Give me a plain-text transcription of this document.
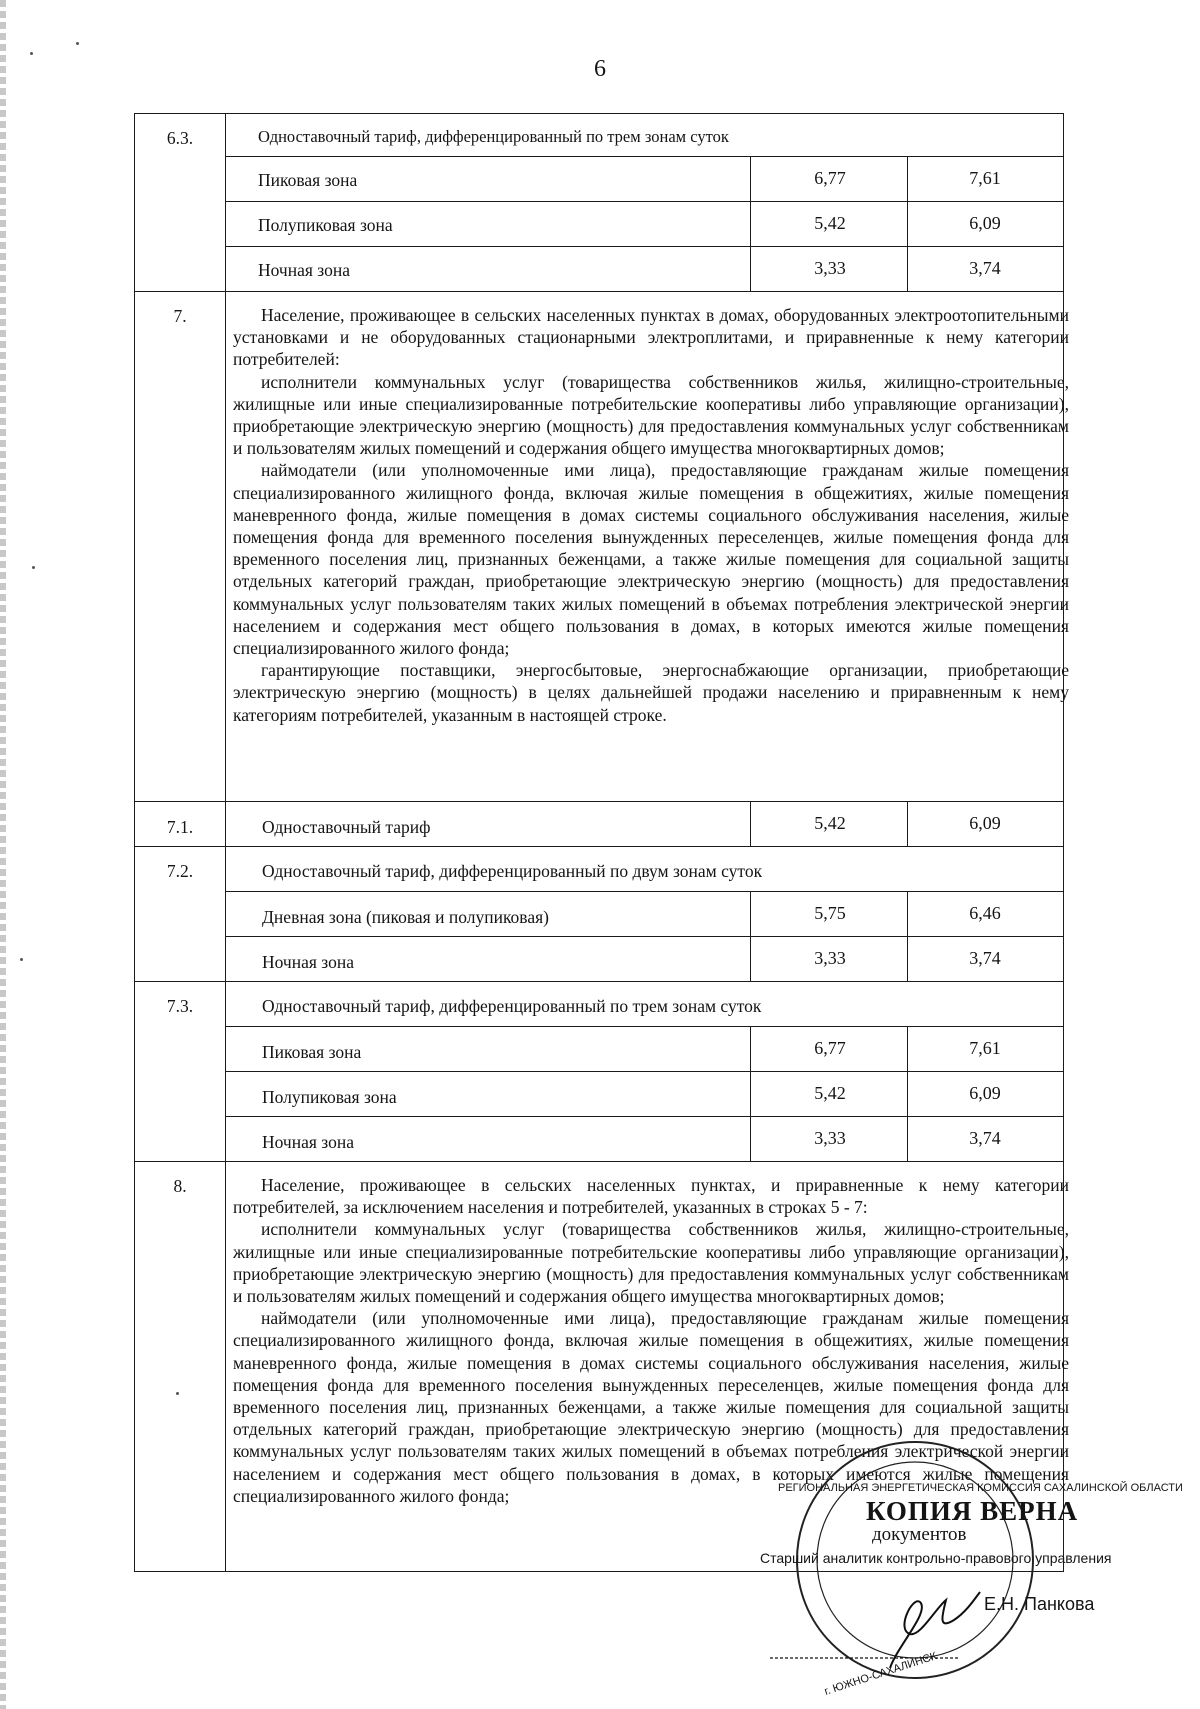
6
6.3.	Одноставочный тариф, дифференцированный по трем зонам суток
Пиковая зона	6,77	7,61
Полупиковая зона	5,42	6,09
Ночная зона	3,33	3,74
7.	Население, проживающее в сельских населенных пунктах в домах, оборудованных электроотопительными установками и не оборудованных стационарными электроплитами, и приравненные к нему категории потребителей:

исполнители коммунальных услуг (товарищества собственников жилья, жилищно-строительные, жилищные или иные специализированные потребительские кооперативы либо управляющие организации), приобретающие электрическую энергию (мощность) для предоставления коммунальных услуг собственникам и пользователям жилых помещений и содержания общего имущества многоквартирных домов;

наймодатели (или уполномоченные ими лица), предоставляющие гражданам жилые помещения специализированного жилищного фонда, включая жилые помещения в общежитиях, жилые помещения маневренного фонда, жилые помещения в домах системы социального обслуживания населения, жилые помещения фонда для временного поселения вынужденных переселенцев, жилые помещения фонда для временного поселения лиц, признанных беженцами, а также жилые помещения для социальной защиты отдельных категорий граждан, приобретающие электрическую энергию (мощность) для предоставления коммунальных услуг пользователям таких жилых помещений в объемах потребления электрической энергии населением и содержания мест общего пользования в домах, в которых имеются жилые помещения специализированного жилого фонда;

гарантирующие поставщики, энергосбытовые, энергоснабжающие организации, приобретающие электрическую энергию (мощность) в целях дальнейшей продажи населению и приравненным к нему категориям потребителей, указанным в настоящей строке.

7.1.	Одноставочный тариф	5,42	6,09
7.2.	Одноставочный тариф, дифференцированный по двум зонам суток
Дневная зона (пиковая и полупиковая)	5,75	6,46
Ночная зона	3,33	3,74
7.3.	Одноставочный тариф, дифференцированный по трем зонам суток
Пиковая зона	6,77	7,61
Полупиковая зона	5,42	6,09
Ночная зона	3,33	3,74
8.	Население, проживающее в сельских населенных пунктах, и приравненные к нему категории потребителей, за исключением населения и потребителей, указанных в строках 5 - 7:

исполнители коммунальных услуг (товарищества собственников жилья, жилищно-строительные, жилищные или иные специализированные потребительские кооперативы либо управляющие организации), приобретающие электрическую энергию (мощность) для предоставления коммунальных услуг собственникам и пользователям жилых помещений и содержания общего имущества многоквартирных домов;

наймодатели (или уполномоченные ими лица), предоставляющие гражданам жилые помещения специализированного жилищного фонда, включая жилые помещения в общежитиях, жилые помещения маневренного фонда, жилые помещения в домах системы социального обслуживания населения, жилые помещения фонда для временного поселения вынужденных переселенцев, жилые помещения фонда для временного поселения лиц, признанных беженцами, а также жилые помещения для социальной защиты отдельных категорий граждан, приобретающие электрическую энергию (мощность) для предоставления коммунальных услуг пользователям таких жилых помещений в объемах потребления электрической энергии населением и содержания мест общего пользования в домах, в которых имеются жилые помещения специализированного жилого фонда;	РЕГИОНАЛЬНАЯ ЭНЕРГЕТИЧЕСКАЯ КОМИССИЯ САХАЛИНСКОЙ ОБЛАСТИ
КОПИЯ ВЕРНА
документов
Старший аналитик контрольно-правового управления
Е.Н. Панкова
г. ЮЖНО-САХАЛИНСК
